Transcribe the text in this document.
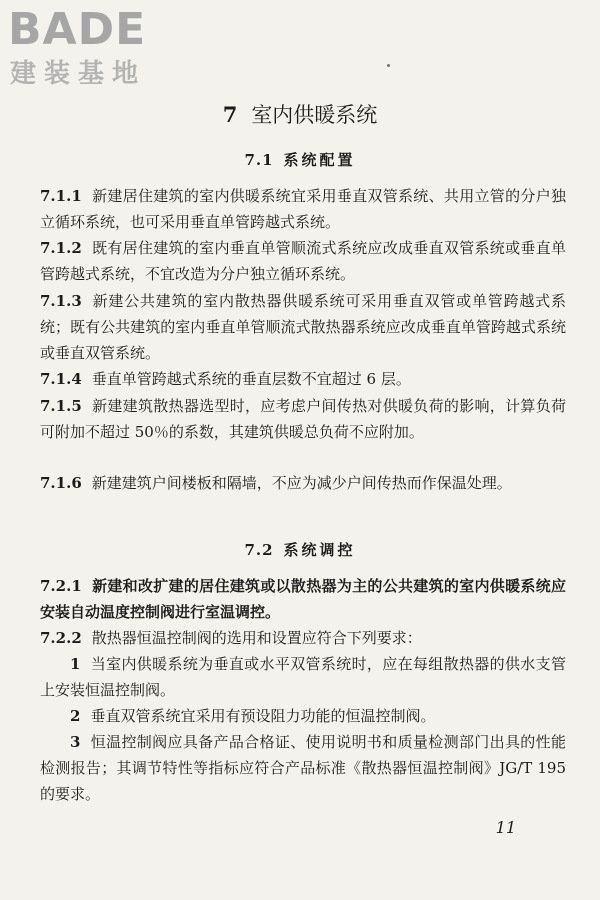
BADE
建装基地
7 室内供暖系统
7.1 系统配置
7.1.1 新建居住建筑的室内供暖系统宜采用垂直双管系统、共用立管的分户独立循环系统，也可采用垂直单管跨越式系统。
7.1.2 既有居住建筑的室内垂直单管顺流式系统应改成垂直双管系统或垂直单管跨越式系统，不宜改造为分户独立循环系统。
7.1.3 新建公共建筑的室内散热器供暖系统可采用垂直双管或单管跨越式系统；既有公共建筑的室内垂直单管顺流式散热器系统应改成垂直单管跨越式系统或垂直双管系统。
7.1.4 垂直单管跨越式系统的垂直层数不宜超过 6 层。
7.1.5 新建建筑散热器选型时，应考虑户间传热对供暖负荷的影响，计算负荷可附加不超过 50％的系数，其建筑供暖总负荷不应附加。
7.1.6 新建建筑户间楼板和隔墙，不应为减少户间传热而作保温处理。
7.2 系统调控
7.2.1 新建和改扩建的居住建筑或以散热器为主的公共建筑的室内供暖系统应安装自动温度控制阀进行室温调控。
7.2.2 散热器恒温控制阀的选用和设置应符合下列要求：
1 当室内供暖系统为垂直或水平双管系统时，应在每组散热器的供水支管上安装恒温控制阀。
2 垂直双管系统宜采用有预设阻力功能的恒温控制阀。
3 恒温控制阀应具备产品合格证、使用说明书和质量检测部门出具的性能检测报告；其调节特性等指标应符合产品标准《散热器恒温控制阀》JG/T 195 的要求。
11
